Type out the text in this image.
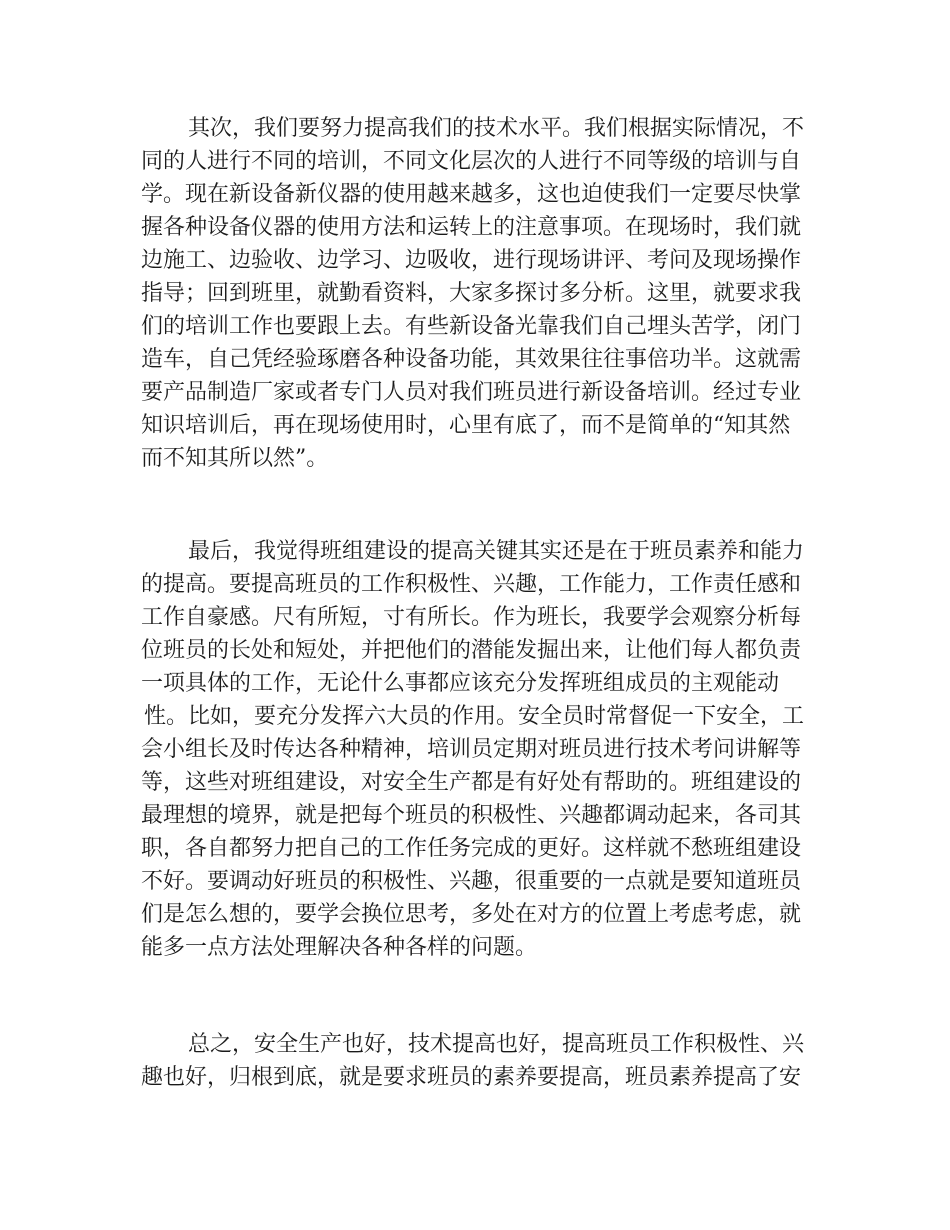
其次，我们要努力提高我们的技术水平。我们根据实际情况，不
同的人进行不同的培训，不同文化层次的人进行不同等级的培训与自
学。现在新设备新仪器的使用越来越多，这也迫使我们一定要尽快掌
握各种设备仪器的使用方法和运转上的注意事项。在现场时，我们就
边施工、边验收、边学习、边吸收，进行现场讲评、考问及现场操作
指导；回到班里，就勤看资料，大家多探讨多分析。这里，就要求我
们的培训工作也要跟上去。有些新设备光靠我们自己埋头苦学，闭门
造车，自己凭经验琢磨各种设备功能，其效果往往事倍功半。这就需
要产品制造厂家或者专门人员对我们班员进行新设备培训。经过专业
知识培训后，再在现场使用时，心里有底了，而不是简单的“知其然
而不知其所以然”。
最后，我觉得班组建设的提高关键其实还是在于班员素养和能力
的提高。要提高班员的工作积极性、兴趣，工作能力，工作责任感和
工作自豪感。尺有所短，寸有所长。作为班长，我要学会观察分析每
位班员的长处和短处，并把他们的潜能发掘出来，让他们每人都负责
一项具体的工作，无论什么事都应该充分发挥班组成员的主观能动
性。比如，要充分发挥六大员的作用。安全员时常督促一下安全，工
会小组长及时传达各种精神，培训员定期对班员进行技术考问讲解等
等，这些对班组建设，对安全生产都是有好处有帮助的。班组建设的
最理想的境界，就是把每个班员的积极性、兴趣都调动起来，各司其
职，各自都努力把自己的工作任务完成的更好。这样就不愁班组建设
不好。要调动好班员的积极性、兴趣，很重要的一点就是要知道班员
们是怎么想的，要学会换位思考，多处在对方的位置上考虑考虑，就
能多一点方法处理解决各种各样的问题。
总之，安全生产也好，技术提高也好，提高班员工作积极性、兴
趣也好，归根到底，就是要求班员的素养要提高，班员素养提高了安
